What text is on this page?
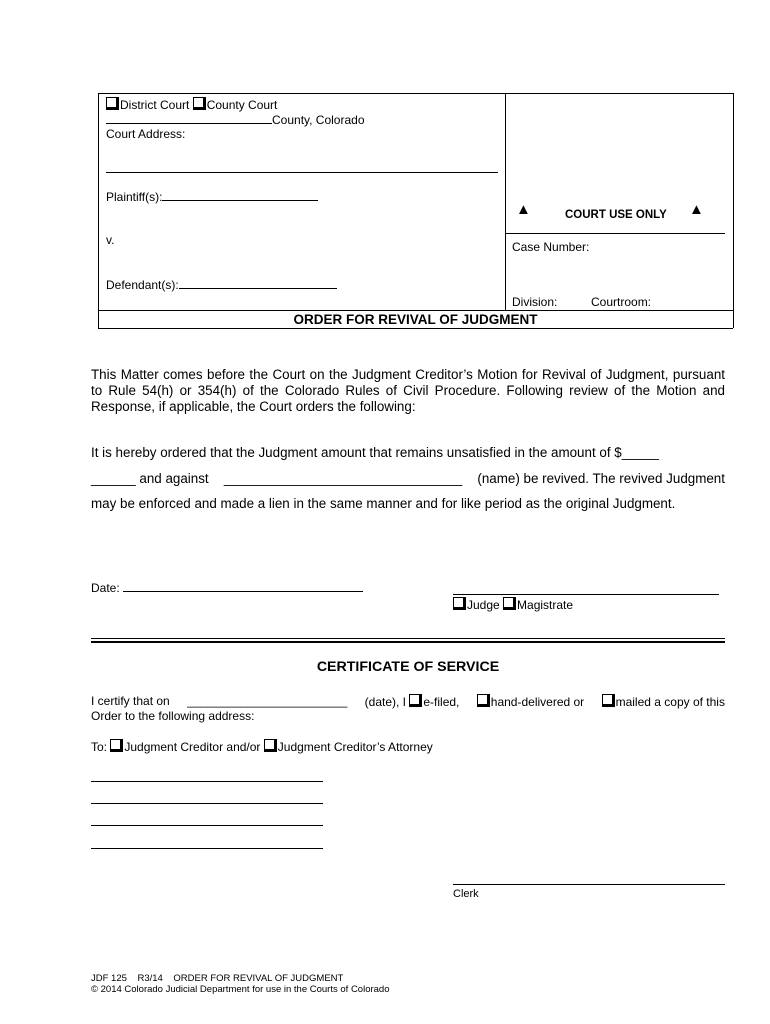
District Court County Court
County, Colorado
Court Address:
Plaintiff(s):
v.
Defendant(s):
▲	COURT USE ONLY ▲
Case Number:
Division:	Courtroom:
ORDER FOR REVIVAL OF JUDGMENT
This Matter comes before the Court on the Judgment Creditor’s Motion for Revival of Judgment, pursuant to Rule 54(h) or 354(h) of the Colorado Rules of Civil Procedure. Following review of the Motion and Response, if applicable, the Court orders the following:
It is hereby ordered that the Judgment amount that remains unsatisfied in the amount of $_____
______ and against ________________________________ (name) be revived. The revived Judgment
may be enforced and made a lien in the same manner and for like period as the original Judgment.
Date:
Judge Magistrate
CERTIFICATE OF SERVICE
I certify that on ________________________ (date), I e-filed,	hand-delivered or	mailed a copy of this
Order to the following address:
To: Judgment Creditor and/or Judgment Creditor’s Attorney
Clerk
JDF 125    R3/14    ORDER FOR REVIVAL OF JUDGMENT
© 2014 Colorado Judicial Department for use in the Courts of Colorado
